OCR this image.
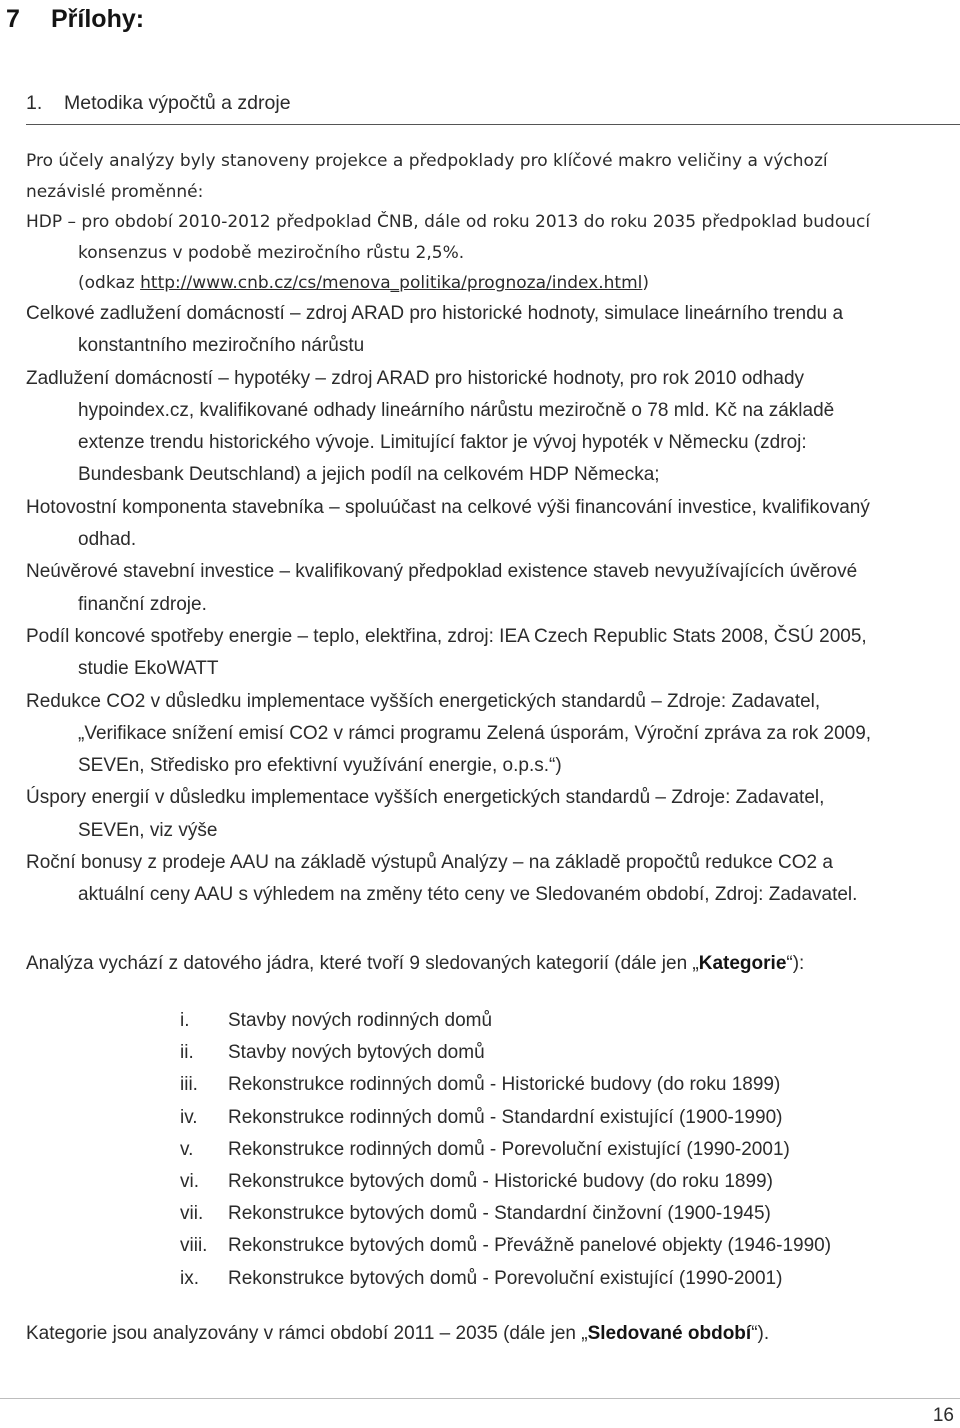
7 Přílohy:
1. Metodika výpočtů a zdroje
Pro účely analýzy byly stanoveny projekce a předpoklady pro klíčové makro veličiny a výchozí
nezávislé proměnné:
HDP – pro období 2010-2012 předpoklad ČNB, dále od roku 2013 do roku 2035 předpoklad budoucí
konsenzus v podobě meziročního růstu 2,5%.
(odkaz http://www.cnb.cz/cs/menova_politika/prognoza/index.html)
Celkové zadlužení domácností – zdroj ARAD pro historické hodnoty, simulace lineárního trendu a
konstantního meziročního nárůstu
Zadlužení domácností – hypotéky – zdroj ARAD pro historické hodnoty, pro rok 2010 odhady
hypoindex.cz, kvalifikované odhady lineárního nárůstu meziročně o 78 mld. Kč na základě
extenze trendu historického vývoje. Limitující faktor je vývoj hypoték v Německu (zdroj:
Bundesbank Deutschland) a jejich podíl na celkovém HDP Německa;
Hotovostní komponenta stavebníka – spoluúčast na celkové výši financování investice, kvalifikovaný
odhad.
Neúvěrové stavební investice – kvalifikovaný předpoklad existence staveb nevyužívajících úvěrové
finanční zdroje.
Podíl koncové spotřeby energie – teplo, elektřina, zdroj: IEA Czech Republic Stats 2008, ČSÚ 2005,
studie EkoWATT
Redukce CO2 v důsledku implementace vyšších energetických standardů – Zdroje: Zadavatel,
„Verifikace snížení emisí CO2 v rámci programu Zelená úsporám, Výroční zpráva za rok 2009,
SEVEn, Středisko pro efektivní využívání energie, o.p.s.“)
Úspory energií v důsledku implementace vyšších energetických standardů – Zdroje: Zadavatel,
SEVEn, viz výše
Roční bonusy z prodeje AAU na základě výstupů Analýzy – na základě propočtů redukce CO2 a
aktuální ceny AAU s výhledem na změny této ceny ve Sledovaném období, Zdroj: Zadavatel.
Analýza vychází z datového jádra, které tvoří 9 sledovaných kategorií (dále jen „Kategorie“):
i. Stavby nových rodinných domů
ii. Stavby nových bytových domů
iii. Rekonstrukce rodinných domů - Historické budovy (do roku 1899)
iv. Rekonstrukce rodinných domů - Standardní existující (1900-1990)
v. Rekonstrukce rodinných domů - Porevoluční existující (1990-2001)
vi. Rekonstrukce bytových domů - Historické budovy (do roku 1899)
vii. Rekonstrukce bytových domů - Standardní činžovní (1900-1945)
viii. Rekonstrukce bytových domů - Převážně panelové objekty (1946-1990)
ix. Rekonstrukce bytových domů - Porevoluční existující (1990-2001)
Kategorie jsou analyzovány v rámci období 2011 – 2035 (dále jen „Sledované období“).
16
